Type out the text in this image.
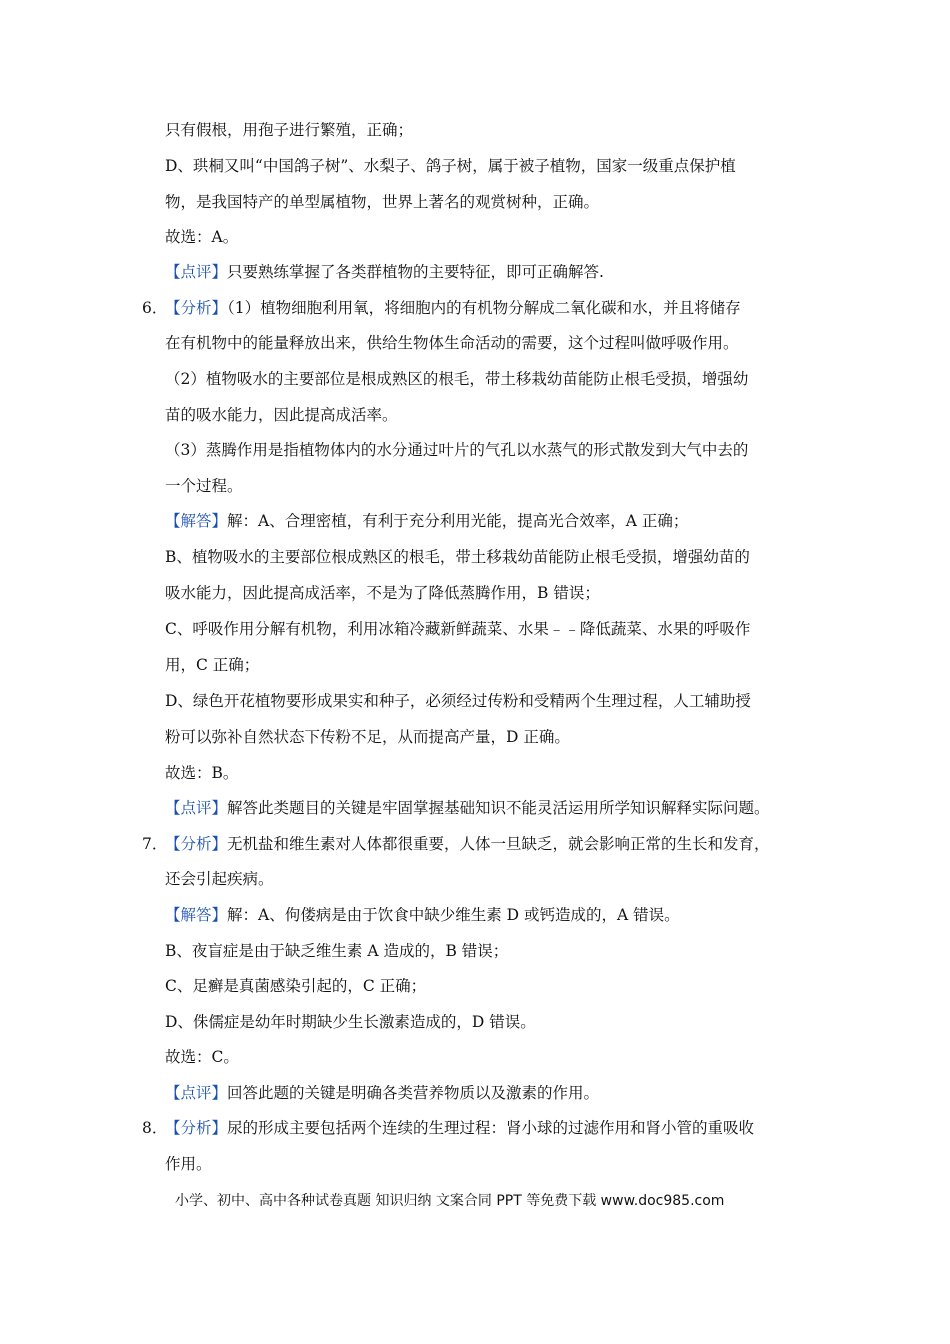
只有假根，用孢子进行繁殖，正确；
D、珙桐又叫“中国鸽子树”、水梨子、鸽子树，属于被子植物，国家一级重点保护植
物，是我国特产的单型属植物，世界上著名的观赏树种，正确。
故选：A。
【点评】只要熟练掌握了各类群植物的主要特征，即可正确解答.
6．
【分析】（1）植物细胞利用氧，将细胞内的有机物分解成二氧化碳和水，并且将储存
在有机物中的能量释放出来，供给生物体生命活动的需要，这个过程叫做呼吸作用。
（2）植物吸水的主要部位是根成熟区的根毛，带土移栽幼苗能防止根毛受损，增强幼
苗的吸水能力，因此提高成活率。
（3）蒸腾作用是指植物体内的水分通过叶片的气孔以水蒸气的形式散发到大气中去的
一个过程。
【解答】解：A、合理密植，有利于充分利用光能，提高光合效率，A 正确；
B、植物吸水的主要部位根成熟区的根毛，带土移栽幼苗能防止根毛受损，增强幼苗的
吸水能力，因此提高成活率，不是为了降低蒸腾作用，B 错误；
C、呼吸作用分解有机物，利用冰箱冷藏新鲜蔬菜、水果﹣﹣降低蔬菜、水果的呼吸作
用，C 正确；
D、绿色开花植物要形成果实和种子，必须经过传粉和受精两个生理过程，人工辅助授
粉可以弥补自然状态下传粉不足，从而提高产量，D 正确。
故选：B。
【点评】解答此类题目的关键是牢固掌握基础知识不能灵活运用所学知识解释实际问题。
7．
【分析】无机盐和维生素对人体都很重要，人体一旦缺乏，就会影响正常的生长和发育，
还会引起疾病。
【解答】解：A、佝偻病是由于饮食中缺少维生素 D 或钙造成的，A 错误。
B、夜盲症是由于缺乏维生素 A 造成的，B 错误；
C、足癣是真菌感染引起的，C 正确；
D、侏儒症是幼年时期缺少生长激素造成的，D 错误。
故选：C。
【点评】回答此题的关键是明确各类营养物质以及激素的作用。
8．
【分析】尿的形成主要包括两个连续的生理过程：肾小球的过滤作用和肾小管的重吸收
作用。
小学、初中、高中各种试卷真题 知识归纳 文案合同 PPT 等免费下载 www.doc985.com
